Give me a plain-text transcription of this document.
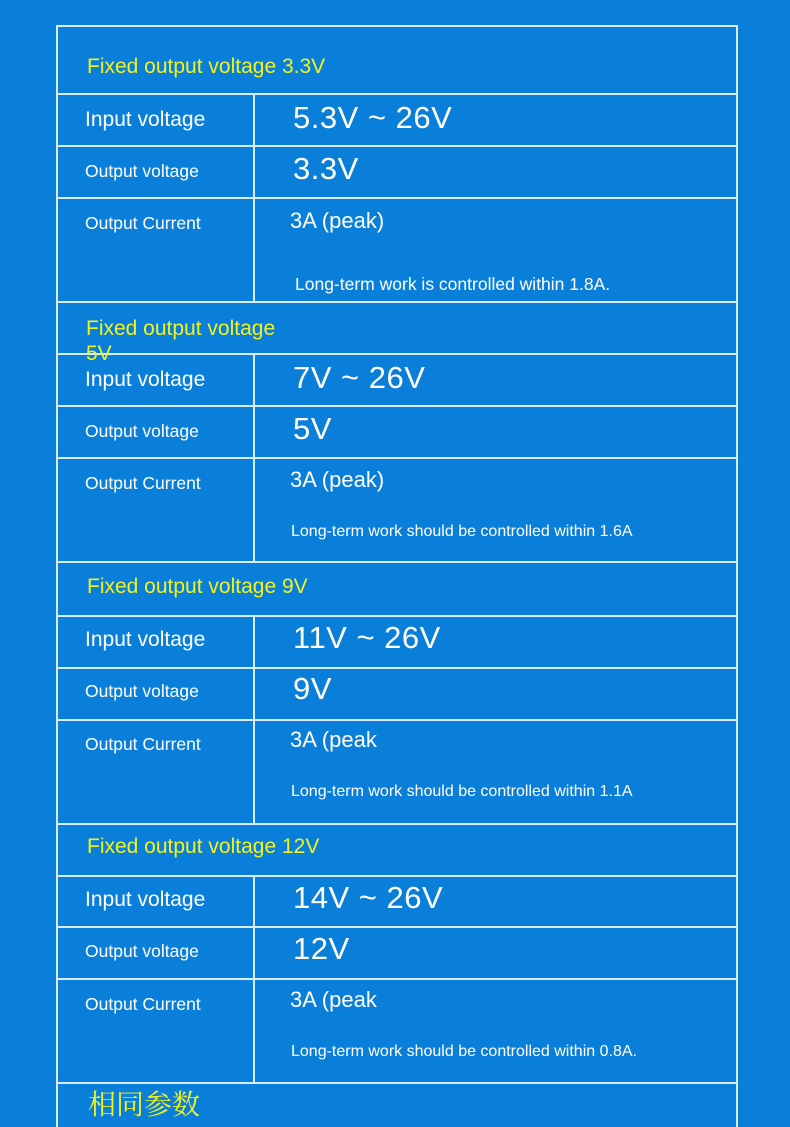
Fixed output voltage 3.3V
Input voltage	5.3V ~ 26V
Output voltage	3.3V
Output Current	3A (peak)
Long-term work is controlled within 1.8A.
Fixed output voltage 5V
Input voltage	7V ~ 26V
Output voltage	5V
Output Current	3A (peak)
Long-term work should be controlled within 1.6A
Fixed output voltage 9V
Input voltage	11V ~ 26V
Output voltage	9V
Output Current	3A (peak
Long-term work should be controlled within 1.1A
Fixed output voltage 12V
Input voltage	14V ~ 26V
Output voltage	12V
Output Current	3A (peak
Long-term work should be controlled within 0.8A.
相同参数
